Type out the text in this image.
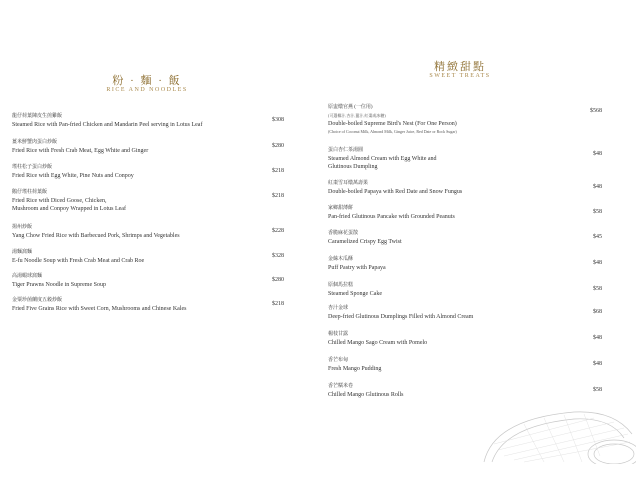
粉 · 麵 · 飯
RICE AND NOODLES
龍仔荷葉陳皮生煎雞飯
Steamed Rice with Pan-fried Chicken and Mandarin Peel serving in Lotus Leaf
$308
薑米鮮蟹肉蛋白炒飯
Fried Rice with Fresh Crab Meat, Egg White and Ginger
$280
瑤柱松子蛋白炒飯
Fried Rice with Egg White, Pine Nuts and Conpoy
$218
鵝仔瑤柱荷葉飯
Fried Rice with Diced Goose, Chicken,
Mushroom and Conpoy Wrapped in Lotus Leaf
$218
揚州炒飯
Yang Chow Fried Rice with Barbecued Pork, Shrimps and Vegetables
$228
湯麵窩麵
E-fu Noodle Soup with Fresh Crab Meat and Crab Roe
$328
高湯蝦球窩麵
Tiger Prawns Noodle in Supreme Soup
$280
金粟珍菌蘭度五穀炒飯
Fried Five Grains Rice with Sweet Corn, Mushrooms and Chinese Kales
$218
精緻甜點
SWEET TREATS
原盅燉官燕 (一位用)
(可選椰汁,杏汁,薑汁,紅棗或冰糖)
Double-boiled Supreme Bird's Nest (For One Person)
(Choice of Coconut Milk, Almond Milk, Ginger Juice, Red Date or Rock Sugar)
$568
蛋白杏仁茶湯圓
Steamed Almond Cream with Egg White and
Glutinous Dumpling
$48
紅棗雪耳燉萬壽果
Double-boiled Papaya with Red Date and Snow Fungus
$48
家鄉甜薄餅
Pan-fried Glutinous Pancake with Grounded Peanuts
$58
香脆麻花蛋散
Caramelized Crispy Egg Twist
$45
金絲木瓜酥
Puff Pastry with Papaya
$48
原個馬拉糕
Steamed Sponge Cake
$58
杏汁金球
Deep-fried Glutinous Dumplings Filled with Almond Cream
$68
楊枝甘露
Chilled Mango Sago Cream with Pomelo
$48
香芒布甸
Fresh Mango Pudding
$48
香芒糯米卷
Chilled Mango Glutinous Rolls
$58
